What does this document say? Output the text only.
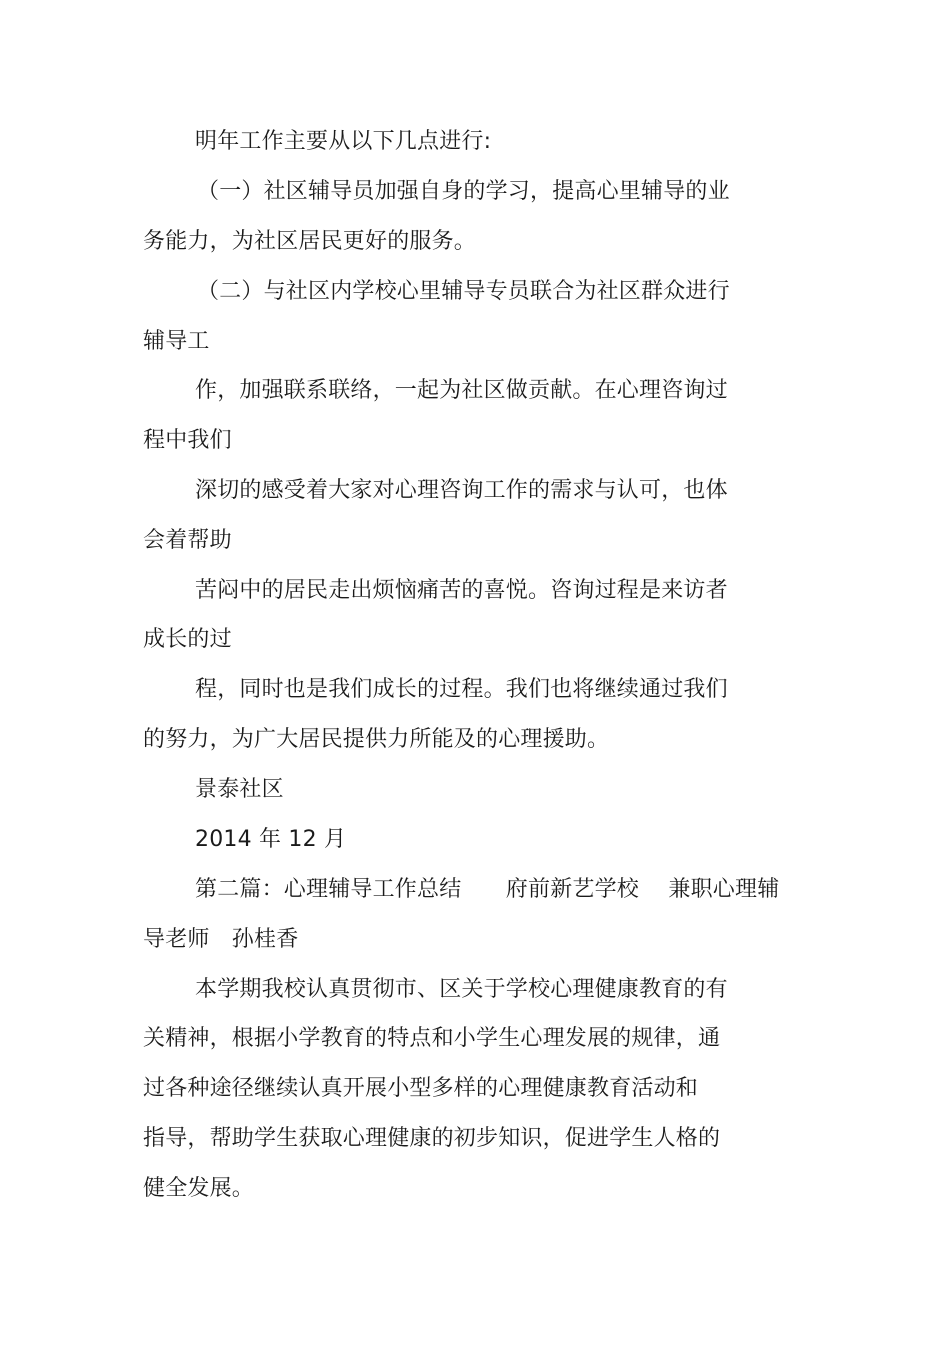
明年工作主要从以下几点进行:
（一）社区辅导员加强自身的学习，提高心里辅导的业
务能力，为社区居民更好的服务。
（二）与社区内学校心里辅导专员联合为社区群众进行
辅导工
作，加强联系联络，一起为社区做贡献。在心理咨询过
程中我们
深切的感受着大家对心理咨询工作的需求与认可，也体
会着帮助
苦闷中的居民走出烦恼痛苦的喜悦。咨询过程是来访者
成长的过
程，同时也是我们成长的过程。我们也将继续通过我们
的努力，为广大居民提供力所能及的心理援助。
景泰社区
2014 年 12 月
第二篇：心理辅导工作总结　　府前新艺学校　 兼职心理辅
导老师　孙桂香
本学期我校认真贯彻市、区关于学校心理健康教育的有
关精神，根据小学教育的特点和小学生心理发展的规律，通
过各种途径继续认真开展小型多样的心理健康教育活动和
指导，帮助学生获取心理健康的初步知识，促进学生人格的
健全发展。
